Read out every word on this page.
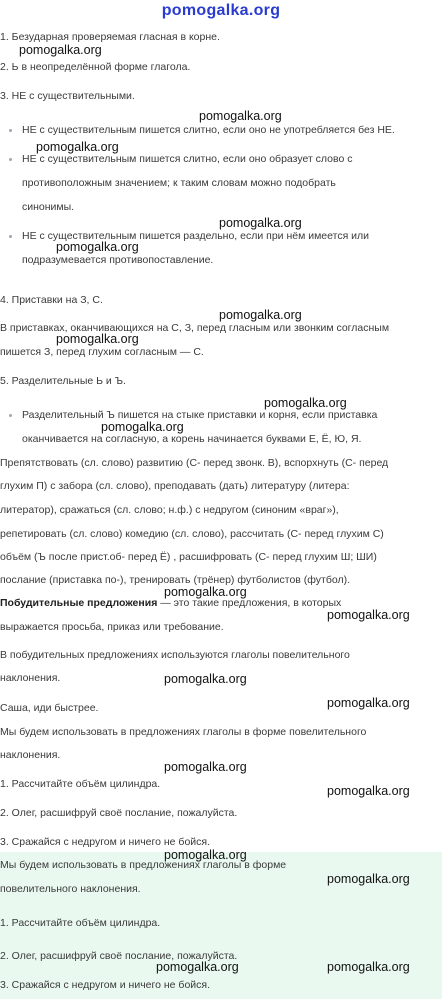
pomogalka.org
1. Безударная проверяемая гласная в корне.
2. Ь в неопределённой форме глагола.
3. НЕ с существительными.
НЕ с существительным пишется слитно, если оно не употребляется без НЕ.
НЕ с существительным пишется слитно, если оно образует слово с
противоположным значением; к таким словам можно подобрать
синонимы.
НЕ с существительным пишется раздельно, если при нём имеется или
подразумевается противопоставление.
4. Приставки на З, С.
В приставках, оканчивающихся на С, З, перед гласным или звонким согласным
пишется З, перед глухим согласным — С.
5. Разделительные Ь и Ъ.
Разделительный Ъ пишется на стыке приставки и корня, если приставка
оканчивается на согласную, а корень начинается буквами Е, Ё, Ю, Я.
Препятствовать (сл. слово) развитию (С- перед звонк. В), вспорхнуть (С- перед
глухим П) с забора (сл. слово), преподавать (дать) литературу (литера:
литератор), сражаться (сл. слово; н.ф.) с недругом (синоним «враг»),
репетировать (сл. слово) комедию (сл. слово), рассчитать (С- перед глухим С)
объём (Ъ после прист.об- перед Ё) , расшифровать (С- перед глухим Ш; ШИ)
послание (приставка по-), тренировать (трёнер) футболистов (футбол).
Побудительные предложения — это такие предложения, в которых
выражается просьба, приказ или требование.
В побудительных предложениях используются глаголы повелительного
наклонения.
Саша, иди быстрее.
Мы будем использовать в предложениях глаголы в форме повелительного
наклонения.
1. Рассчитайте объём цилиндра.
2. Олег, расшифруй своё послание, пожалуйста.
3. Сражайся с недругом и ничего не бойся.
Мы будем использовать в предложениях глаголы в форме
повелительного наклонения.
1. Рассчитайте объём цилиндра.
2. Олег, расшифруй своё послание, пожалуйста.
3. Сражайся с недругом и ничего не бойся.
pomogalka.org
pomogalka.org
pomogalka.org
pomogalka.org
pomogalka.org
pomogalka.org
pomogalka.org
pomogalka.org
pomogalka.org
pomogalka.org
pomogalka.org
pomogalka.org
pomogalka.org
pomogalka.org
pomogalka.org
pomogalka.org
pomogalka.org
pomogalka.org	pomogalka.org
